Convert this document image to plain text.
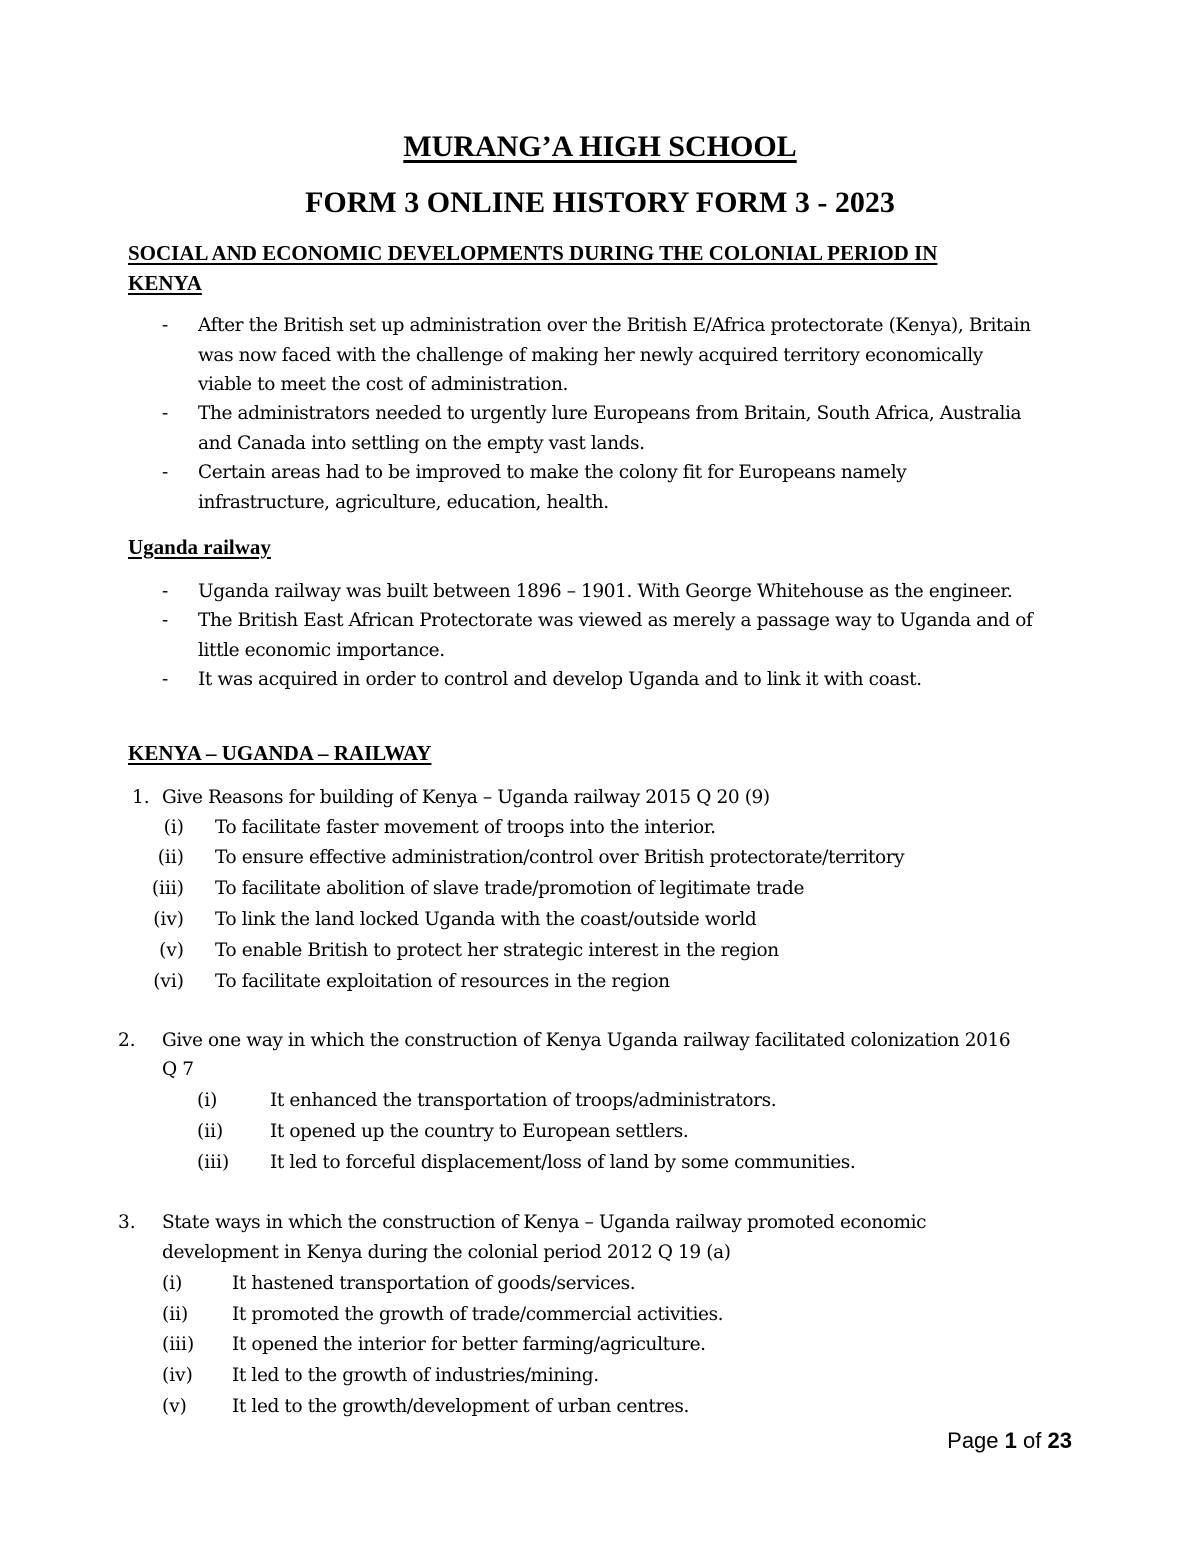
MURANG’A HIGH SCHOOL
FORM 3 ONLINE HISTORY FORM 3 - 2023
SOCIAL AND ECONOMIC DEVELOPMENTS DURING THE COLONIAL PERIOD IN
KENYA
- After the British set up administration over the British E/Africa protectorate (Kenya), Britain
was now faced with the challenge of making her newly acquired territory economically
viable to meet the cost of administration.
- The administrators needed to urgently lure Europeans from Britain, South Africa, Australia
and Canada into settling on the empty vast lands.
- Certain areas had to be improved to make the colony fit for Europeans namely
infrastructure, agriculture, education, health.
Uganda railway
- Uganda railway was built between 1896 – 1901. With George Whitehouse as the engineer.
- The British East African Protectorate was viewed as merely a passage way to Uganda and of
little economic importance.
- It was acquired in order to control and develop Uganda and to link it with coast.
KENYA – UGANDA – RAILWAY
1. Give Reasons for building of Kenya – Uganda railway 2015 Q 20 (9)
(i) To facilitate faster movement of troops into the interior.
(ii) To ensure effective administration/control over British protectorate/territory
(iii) To facilitate abolition of slave trade/promotion of legitimate trade
(iv) To link the land locked Uganda with the coast/outside world
(v) To enable British to protect her strategic interest in the region
(vi) To facilitate exploitation of resources in the region
2. Give one way in which the construction of Kenya Uganda railway facilitated colonization 2016
Q 7
(i)	It enhanced the transportation of troops/administrators.
(ii)	It opened up the country to European settlers.
(iii) It led to forceful displacement/loss of land by some communities.
3. State ways in which the construction of Kenya – Uganda railway promoted economic
development in Kenya during the colonial period 2012 Q 19 (a)
(i)	It hastened transportation of goods/services.
(ii) It promoted the growth of trade/commercial activities.
(iii) It opened the interior for better farming/agriculture.
(iv) It led to the growth of industries/mining.
(v) It led to the growth/development of urban centres.
Page 1 of 23
